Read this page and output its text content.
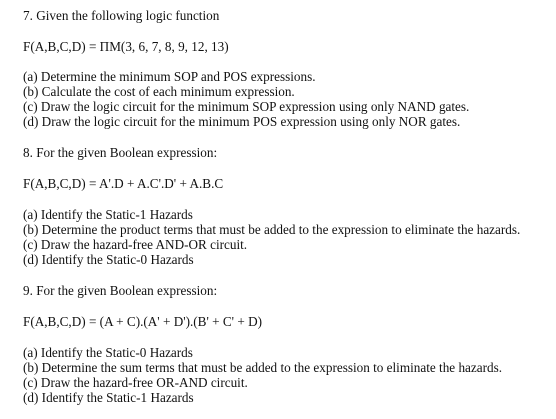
7. Given the following logic function
F(A,B,C,D) = ΠM(3, 6, 7, 8, 9, 12, 13)
(a) Determine the minimum SOP and POS expressions.
(b) Calculate the cost of each minimum expression.
(c) Draw the logic circuit for the minimum SOP expression using only NAND gates.
(d) Draw the logic circuit for the minimum POS expression using only NOR gates.
8. For the given Boolean expression:
F(A,B,C,D) = A'.D + A.C'.D' + A.B.C
(a) Identify the Static-1 Hazards
(b) Determine the product terms that must be added to the expression to eliminate the hazards.
(c) Draw the hazard-free AND-OR circuit.
(d) Identify the Static-0 Hazards
9. For the given Boolean expression:
F(A,B,C,D) = (A + C).(A' + D').(B' + C' + D)
(a) Identify the Static-0 Hazards
(b) Determine the sum terms that must be added to the expression to eliminate the hazards.
(c) Draw the hazard-free OR-AND circuit.
(d) Identify the Static-1 Hazards
